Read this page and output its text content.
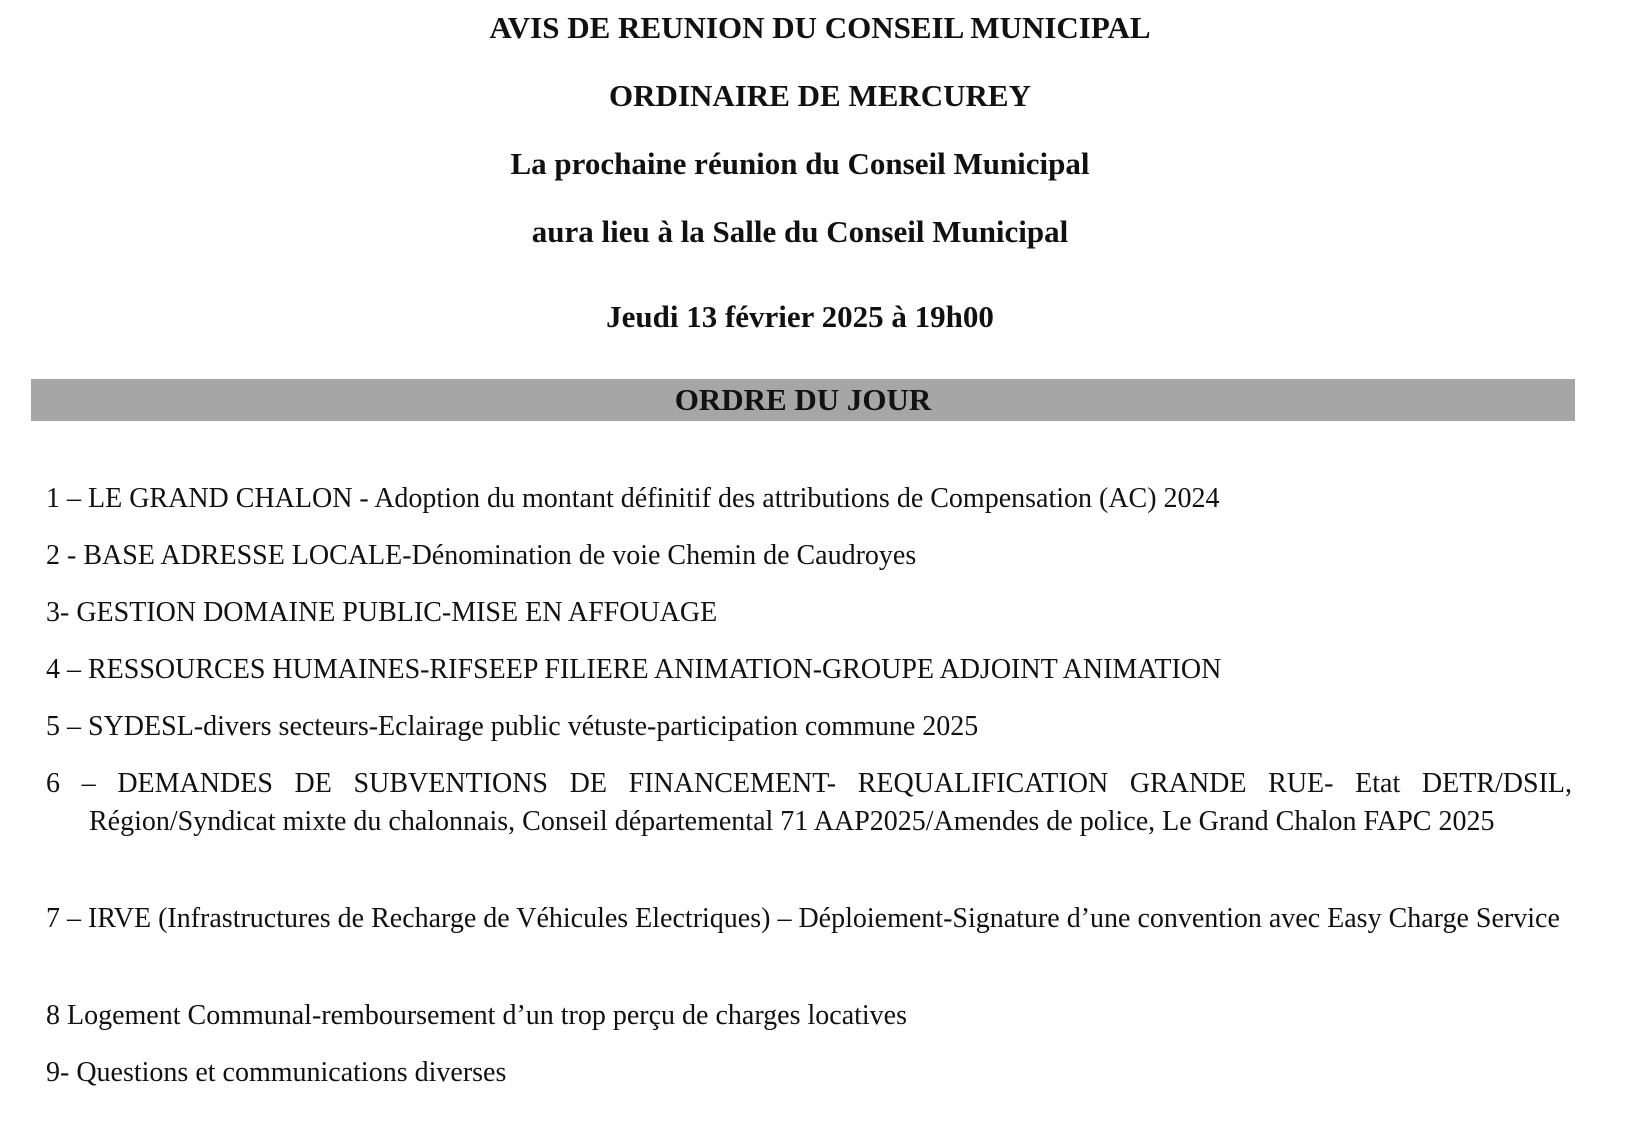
AVIS DE REUNION DU CONSEIL MUNICIPAL
ORDINAIRE DE MERCUREY
La prochaine réunion du Conseil Municipal
aura lieu à la Salle du Conseil Municipal
Jeudi 13 février 2025 à 19h00
ORDRE DU JOUR
1 – LE GRAND CHALON - Adoption du montant définitif des attributions de Compensation (AC) 2024
2 - BASE ADRESSE LOCALE-Dénomination de voie Chemin de Caudroyes
3- GESTION DOMAINE PUBLIC-MISE EN AFFOUAGE
4 – RESSOURCES HUMAINES-RIFSEEP FILIERE ANIMATION-GROUPE ADJOINT ANIMATION
5 – SYDESL-divers secteurs-Eclairage public vétuste-participation commune 2025
6 – DEMANDES DE SUBVENTIONS DE FINANCEMENT- REQUALIFICATION GRANDE RUE- Etat DETR/DSIL, Région/Syndicat mixte du chalonnais, Conseil départemental 71 AAP2025/Amendes de police, Le Grand Chalon FAPC 2025
7 – IRVE (Infrastructures de Recharge de Véhicules Electriques) – Déploiement-Signature d’une convention avec Easy Charge Service
8 Logement Communal-remboursement d’un trop perçu de charges locatives
9- Questions et communications diverses
